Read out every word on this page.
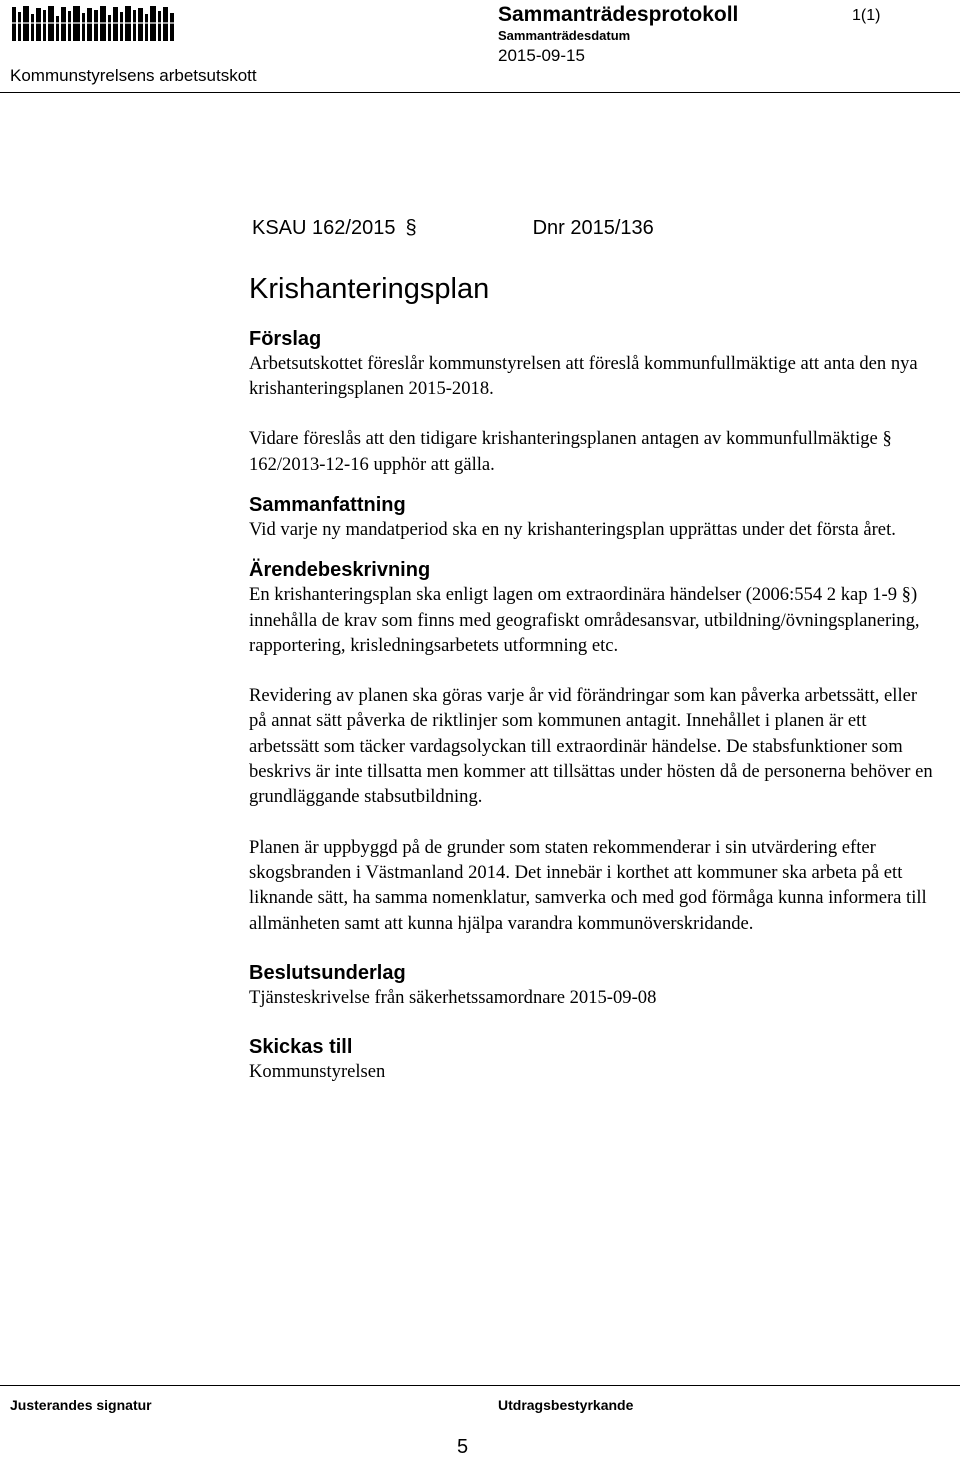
Kommunstyrelsens arbetsutskott
Sammanträdesprotokoll
Sammanträdesdatum
2015-09-15
1(1)
KSAU 162/2015 §	Dnr 2015/136
Krishanteringsplan
Förslag

Arbetsutskottet föreslår kommunstyrelsen att föreslå kommunfullmäktige att anta den nya krishanteringsplanen 2015-2018.

Vidare föreslås att den tidigare krishanteringsplanen antagen av kommunfullmäktige § 162/2013-12-16 upphör att gälla.

Sammanfattning

Vid varje ny mandatperiod ska en ny krishanteringsplan upprättas under det första året.

Ärendebeskrivning

En krishanteringsplan ska enligt lagen om extraordinära händelser (2006:554 2 kap 1-9 §) innehålla de krav som finns med geografiskt områdesansvar, utbildning/övningsplanering, rapportering, krisledningsarbetets utformning etc.

Revidering av planen ska göras varje år vid förändringar som kan påverka arbetssätt, eller på annat sätt påverka de riktlinjer som kommunen antagit. Innehållet i planen är ett arbetssätt som täcker vardagsolyckan till extraordinär händelse. De stabsfunktioner som beskrivs är inte tillsatta men kommer att tillsättas under hösten då de personerna behöver en grundläggande stabsutbildning.

Planen är uppbyggd på de grunder som staten rekommenderar i sin utvärdering efter skogsbranden i Västmanland 2014. Det innebär i korthet att kommuner ska arbeta på ett liknande sätt, ha samma nomenklatur, samverka och med god förmåga kunna informera till allmänheten samt att kunna hjälpa varandra kommunöverskridande.

Beslutsunderlag

Tjänsteskrivelse från säkerhetssamordnare 2015-09-08

Skickas till

Kommunstyrelsen

Justerandes signatur	Utdragsbestyrkande
5
